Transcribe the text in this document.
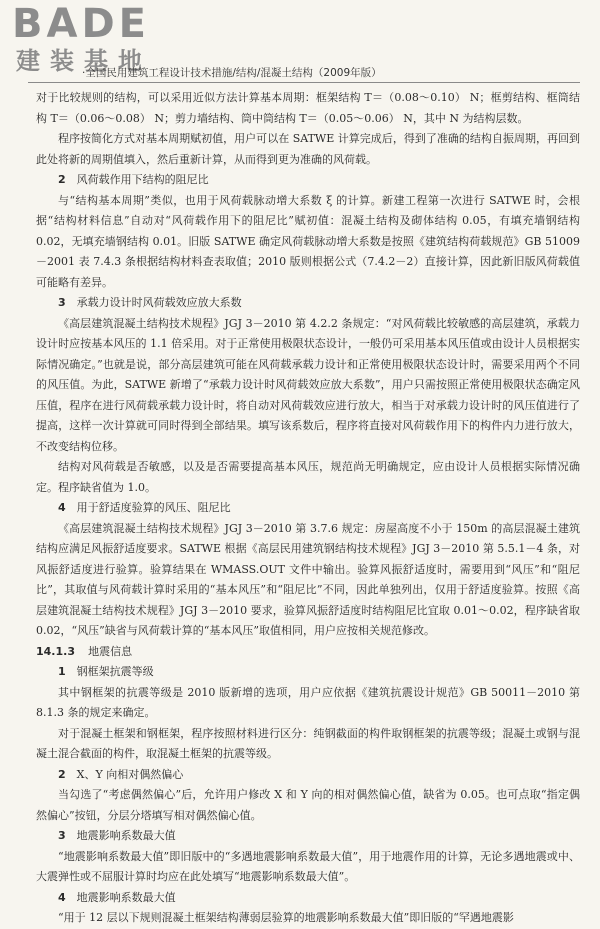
BADE
建装基地
·全国民用建筑工程设计技术措施/结构/混凝土结构（2009年版）

对于比较规则的结构，可以采用近似方法计算基本周期：框架结构 T＝（0.08～0.10） N；框剪结构、框筒结构 T＝（0.06～0.08） N；剪力墙结构、筒中筒结构 T＝（0.05～0.06） N，其中 N 为结构层数。

程序按简化方式对基本周期赋初值，用户可以在 SATWE 计算完成后，得到了准确的结构自振周期，再回到此处将新的周期值填入，然后重新计算，从而得到更为准确的风荷载。

2 风荷载作用下结构的阻尼比

与“结构基本周期”类似，也用于风荷载脉动增大系数 ξ 的计算。新建工程第一次进行 SATWE 时，会根据“结构材料信息”自动对“风荷载作用下的阻尼比”赋初值：混凝土结构及砌体结构 0.05，有填充墙钢结构 0.02，无填充墙钢结构 0.01。旧版 SATWE 确定风荷载脉动增大系数是按照《建筑结构荷载规范》GB 51009－2001 表 7.4.3 条根据结构材料查表取值；2010 版则根据公式（7.4.2－2）直接计算，因此新旧版风荷载值可能略有差异。

3 承载力设计时风荷载效应放大系数

《高层建筑混凝土结构技术规程》JGJ 3－2010 第 4.2.2 条规定：“对风荷载比较敏感的高层建筑，承载力设计时应按基本风压的 1.1 倍采用。对于正常使用极限状态设计，一般仍可采用基本风压值或由设计人员根据实际情况确定。”也就是说，部分高层建筑可能在风荷载承载力设计和正常使用极限状态设计时，需要采用两个不同的风压值。为此，SATWE 新增了“承载力设计时风荷载效应放大系数”，用户只需按照正常使用极限状态确定风压值，程序在进行风荷载承载力设计时，将自动对风荷载效应进行放大，相当于对承载力设计时的风压值进行了提高，这样一次计算就可同时得到全部结果。填写该系数后，程序将直接对风荷载作用下的构件内力进行放大，不改变结构位移。

结构对风荷载是否敏感，以及是否需要提高基本风压，规范尚无明确规定，应由设计人员根据实际情况确定。程序缺省值为 1.0。

4 用于舒适度验算的风压、阻尼比

《高层建筑混凝土结构技术规程》JGJ 3－2010 第 3.7.6 规定：房屋高度不小于 150m 的高层混凝土建筑结构应满足风振舒适度要求。SATWE 根据《高层民用建筑钢结构技术规程》JGJ 3－2010 第 5.5.1－4 条，对风振舒适度进行验算。验算结果在 WMASS.OUT 文件中输出。验算风振舒适度时，需要用到“风压”和“阻尼比”，其取值与风荷载计算时采用的“基本风压”和“阻尼比”不同，因此单独列出，仅用于舒适度验算。按照《高层建筑混凝土结构技术规程》JGJ 3－2010 要求，验算风振舒适度时结构阻尼比宜取 0.01～0.02，程序缺省取 0.02，“风压”缺省与风荷载计算的“基本风压”取值相同，用户应按相关规范修改。

14.1.3 地震信息
1 钢框架抗震等级

其中钢框架的抗震等级是 2010 版新增的选项，用户应依据《建筑抗震设计规范》GB 50011－2010 第 8.1.3 条的规定来确定。

对于混凝土框架和钢框架，程序按照材料进行区分：纯钢截面的构件取钢框架的抗震等级；混凝土或钢与混凝土混合截面的构件，取混凝土框架的抗震等级。

2 X、Y 向相对偶然偏心

当勾选了“考虑偶然偏心”后，允许用户修改 X 和 Y 向的相对偶然偏心值，缺省为 0.05。也可点取“指定偶然偏心”按钮，分层分塔填写相对偶然偏心值。

3 地震影响系数最大值

“地震影响系数最大值”即旧版中的“多遇地震影响系数最大值”，用于地震作用的计算，无论多遇地震或中、大震弹性或不屈服计算时均应在此处填写“地震影响系数最大值”。

4 地震影响系数最大值

“用于 12 层以下规则混凝土框架结构薄弱层验算的地震影响系数最大值”即旧版的“罕遇地震影
